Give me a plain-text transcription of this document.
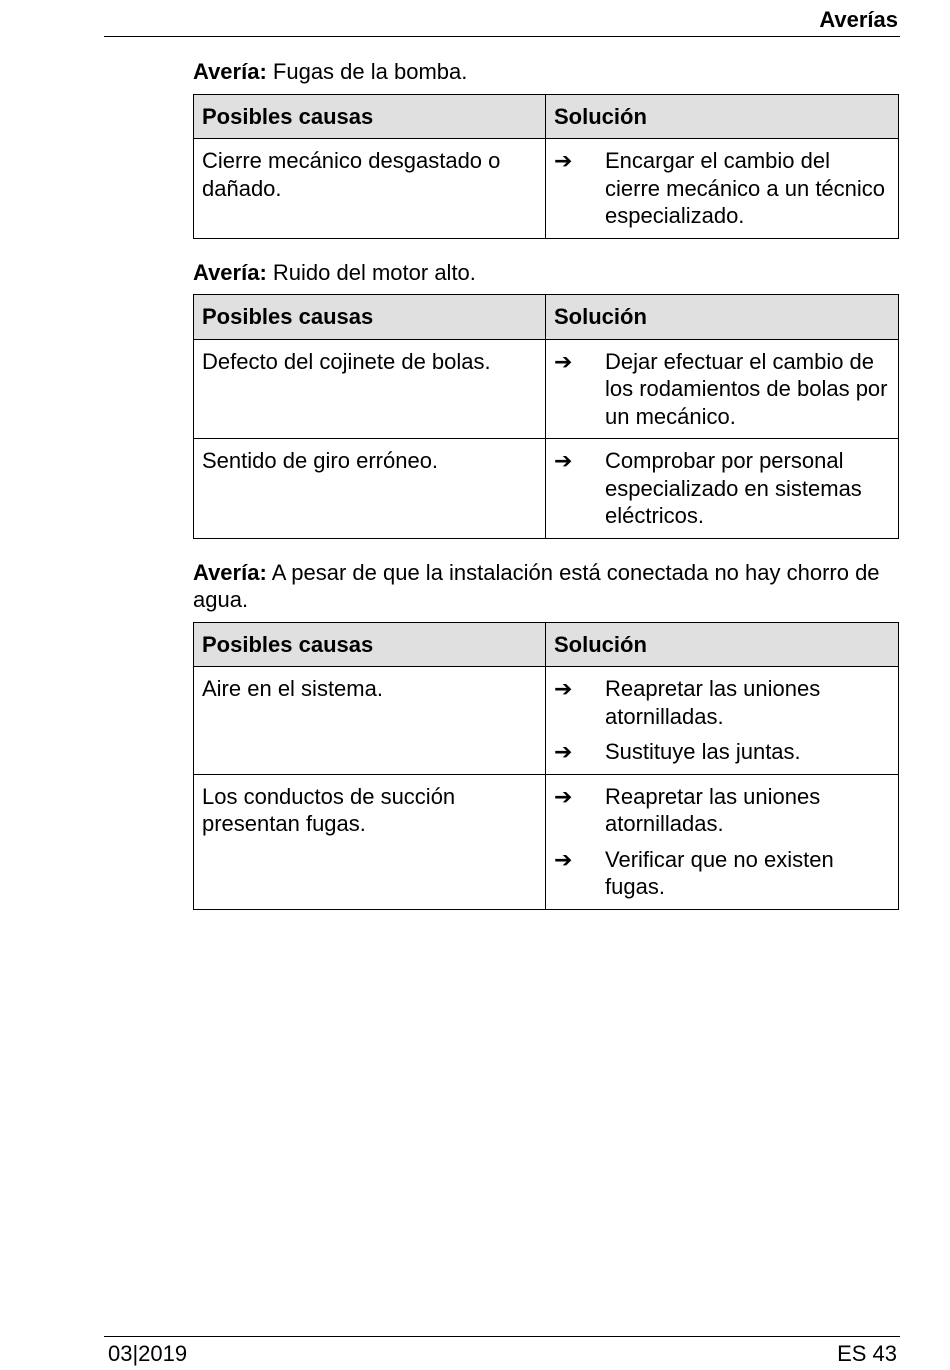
Averías
Avería: Fugas de la bomba.
Posibles causas	Solución
Cierre mecánico desgastado o dañado.	➔ Encargar el cambio del cierre mecánico a un técnico especializado.
Avería: Ruido del motor alto.
Posibles causas	Solución
Defecto del cojinete de bolas.	➔ Dejar efectuar el cambio de los rodamientos de bolas por un mecánico.

Sentido de giro erróneo.	➔ Comprobar por personal especializado en sistemas eléctricos.
Avería: A pesar de que la instalación está conectada no hay chorro de agua.
Posibles causas	Solución
Aire en el sistema.	➔ Reapretar las uniones atornilladas.
➔ Sustituye las juntas.

Los conductos de succión presentan fugas.	➔ Reapretar las uniones atornilladas.
➔ Verificar que no existen fugas.
03|2019	ES 43
